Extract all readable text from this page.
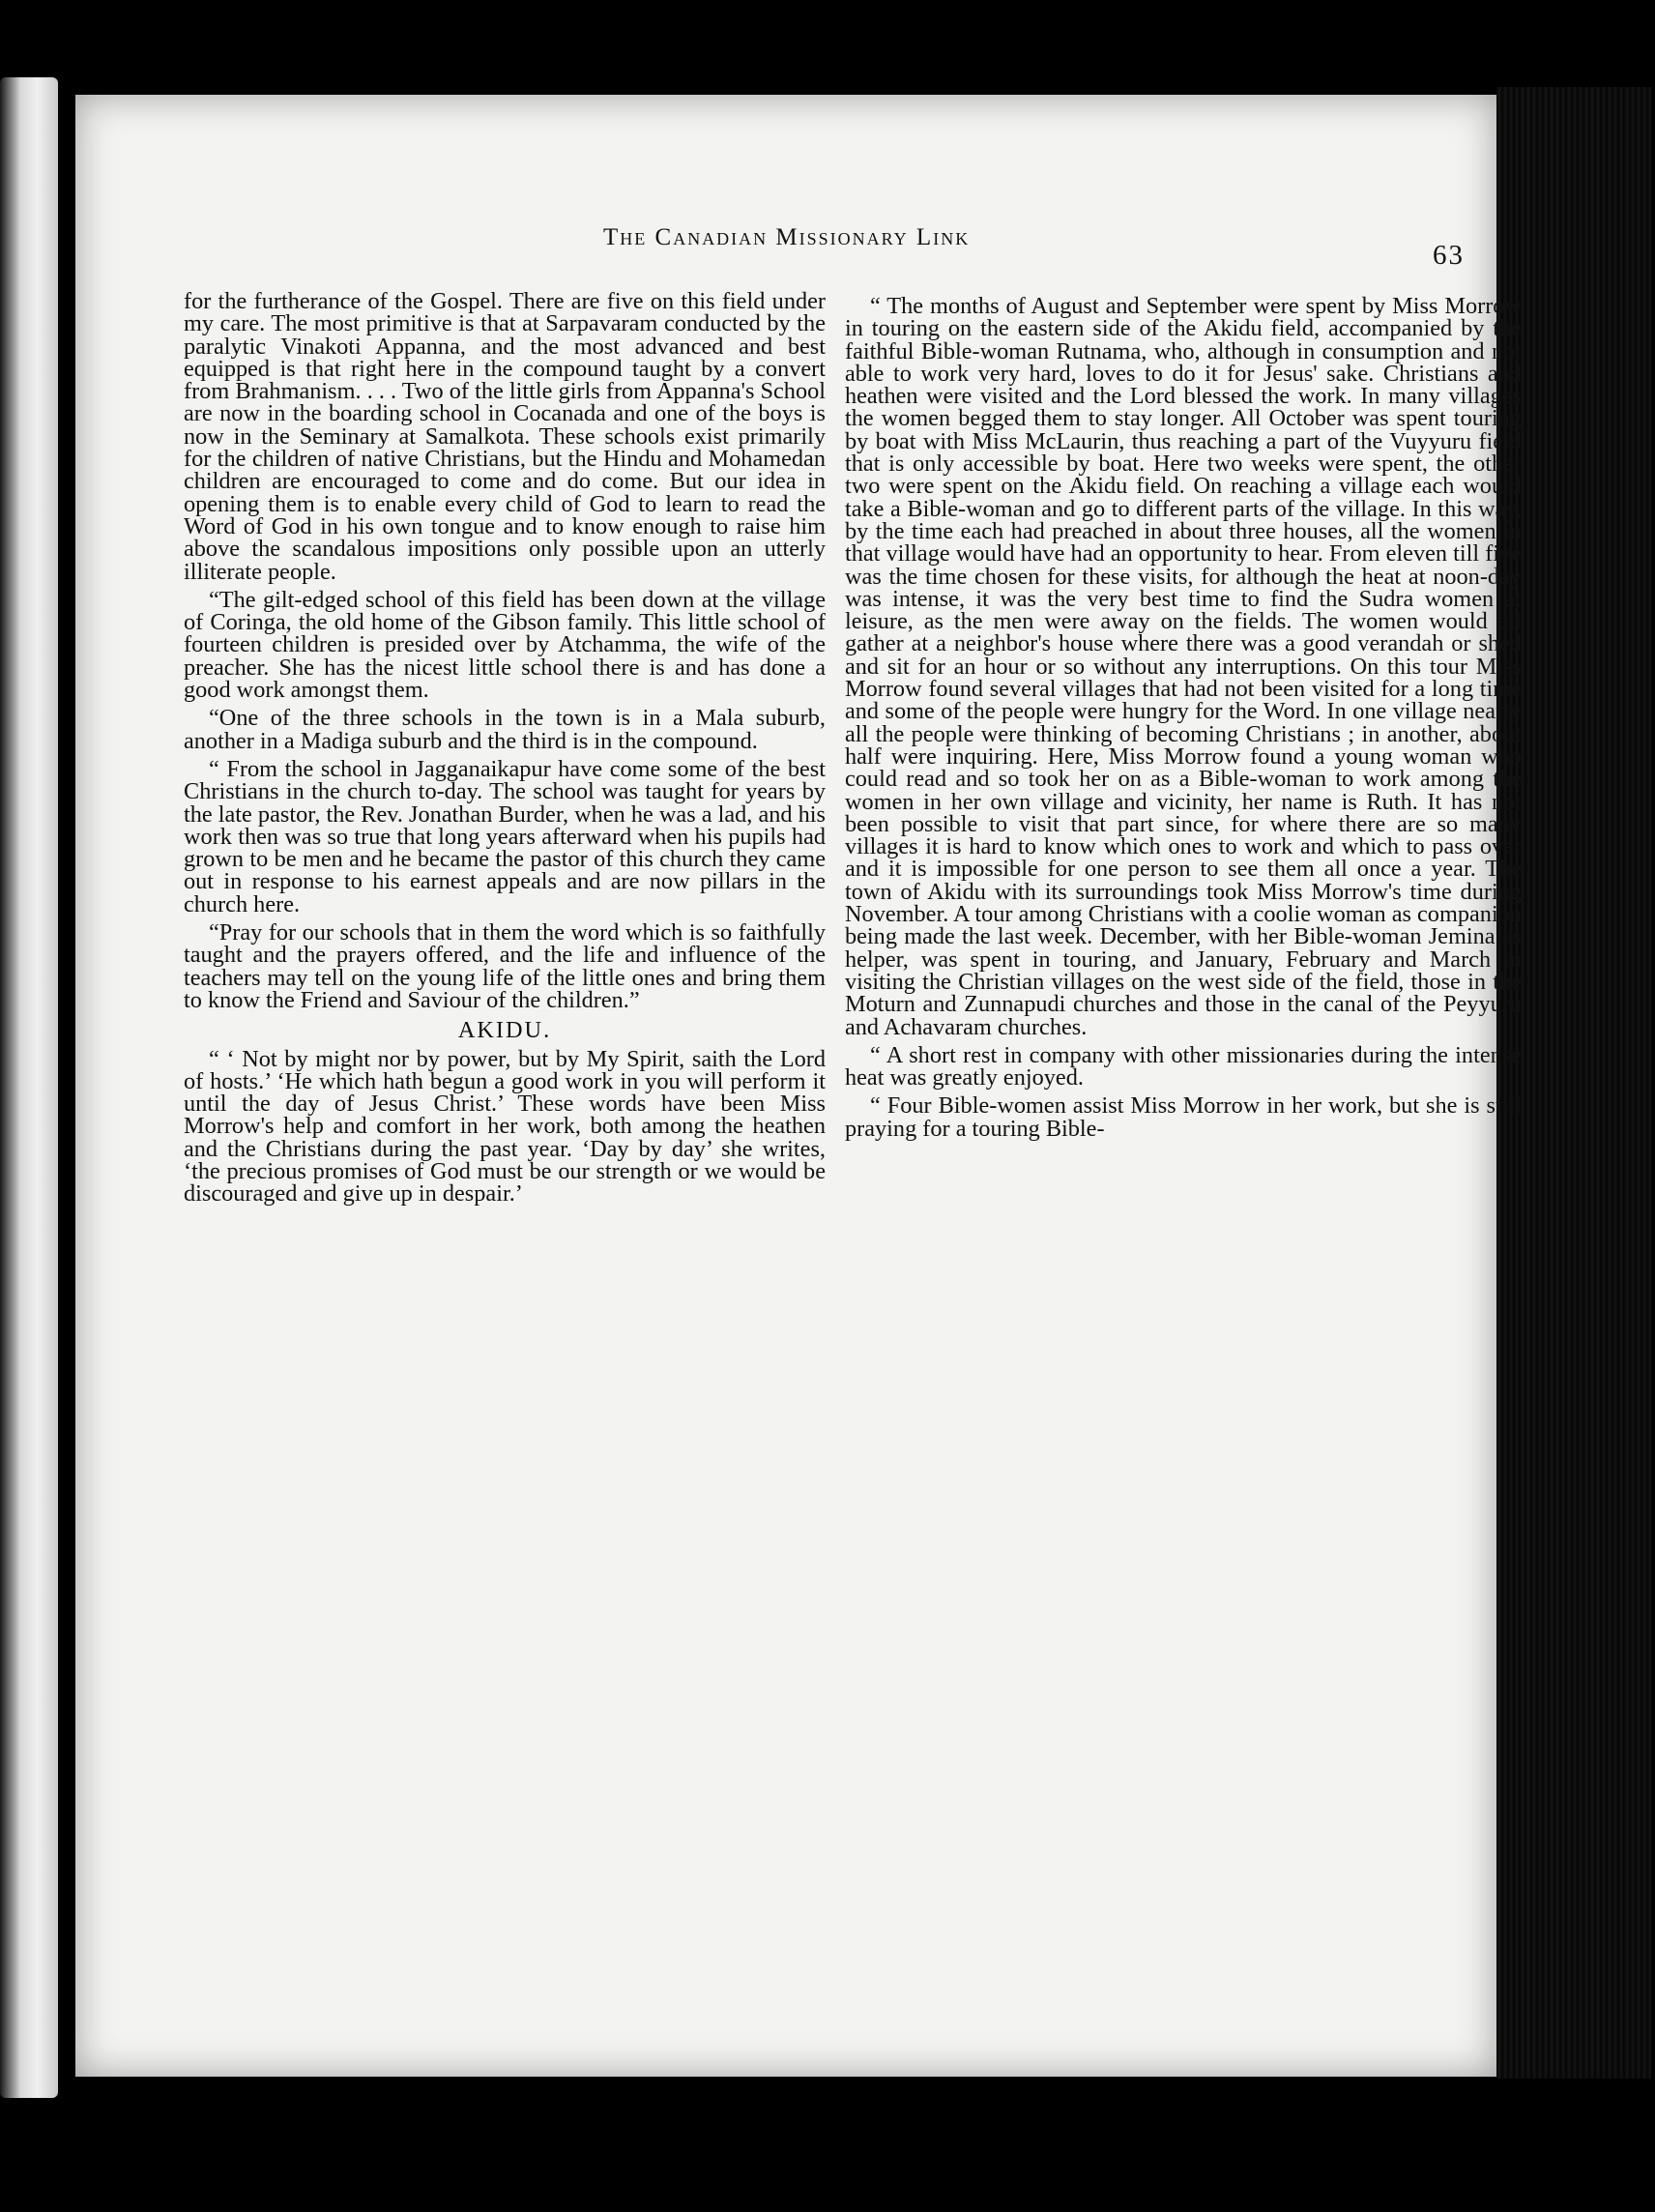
The Canadian Missionary Link
63

for the furtherance of the Gospel. There are five on this field under my care. The most primitive is that at Sarpavaram conducted by the paralytic Vinakoti Appanna, and the most advanced and best equipped is that right here in the compound taught by a convert from Brahmanism. . . . Two of the little girls from Appanna's School are now in the boarding school in Cocanada and one of the boys is now in the Seminary at Samalkota. These schools exist primarily for the children of native Christians, but the Hindu and Mohamedan children are encouraged to come and do come. But our idea in opening them is to enable every child of God to learn to read the Word of God in his own tongue and to know enough to raise him above the scandalous impositions only possible upon an utterly illiterate people.

“The gilt-edged school of this field has been down at the village of Coringa, the old home of the Gibson family. This little school of fourteen children is presided over by Atchamma, the wife of the preacher. She has the nicest little school there is and has done a good work amongst them.

“One of the three schools in the town is in a Mala suburb, another in a Madiga suburb and the third is in the compound.

“ From the school in Jagganaikapur have come some of the best Christians in the church to-day. The school was taught for years by the late pastor, the Rev. Jonathan Burder, when he was a lad, and his work then was so true that long years afterward when his pupils had grown to be men and he became the pastor of this church they came out in response to his earnest appeals and are now pillars in the church here.

“Pray for our schools that in them the word which is so faithfully taught and the prayers offered, and the life and influence of the teachers may tell on the young life of the little ones and bring them to know the Friend and Saviour of the children.”

AKIDU.

“ ‘ Not by might nor by power, but by My Spirit, saith the Lord of hosts.’ ‘He which hath begun a good work in you will perform it until the day of Jesus Christ.’ These words have been Miss Morrow's help and comfort in her work, both among the heathen and the Christians during the past year. ‘Day by day’ she writes, ‘the precious promises of God must be our strength or we would be discouraged and give up in despair.’

“ The months of August and September were spent by Miss Morrow in touring on the eastern side of the Akidu field, accompanied by the faithful Bible-woman Rutnama, who, although in consumption and not able to work very hard, loves to do it for Jesus' sake. Christians and heathen were visited and the Lord blessed the work. In many villages the women begged them to stay longer. All October was spent touring by boat with Miss McLaurin, thus reaching a part of the Vuyyuru field that is only accessible by boat. Here two weeks were spent, the other two were spent on the Akidu field. On reaching a village each would take a Bible-woman and go to different parts of the village. In this way, by the time each had preached in about three houses, all the women in that village would have had an opportunity to hear. From eleven till five was the time chosen for these visits, for although the heat at noon-day was intense, it was the very best time to find the Sudra women at leisure, as the men were away on the fields. The women would all gather at a neighbor's house where there was a good verandah or shed and sit for an hour or so without any interruptions. On this tour Miss Morrow found several villages that had not been visited for a long time and some of the people were hungry for the Word. In one village nearly all the people were thinking of becoming Christians ; in another, about half were inquiring. Here, Miss Morrow found a young woman who could read and so took her on as a Bible-woman to work among the women in her own village and vicinity, her name is Ruth. It has not been possible to visit that part since, for where there are so many villages it is hard to know which ones to work and which to pass over and it is impossible for one person to see them all once a year. The town of Akidu with its surroundings took Miss Morrow's time during November. A tour among Christians with a coolie woman as companion being made the last week. December, with her Bible-woman Jemina as helper, was spent in touring, and January, February and March in visiting the Christian villages on the west side of the field, those in the Moturn and Zunnapudi churches and those in the canal of the Peyyuru and Achavaram churches.

“ A short rest in company with other missionaries during the intense heat was greatly enjoyed.

“ Four Bible-women assist Miss Morrow in her work, but she is still praying for a touring Bible-
